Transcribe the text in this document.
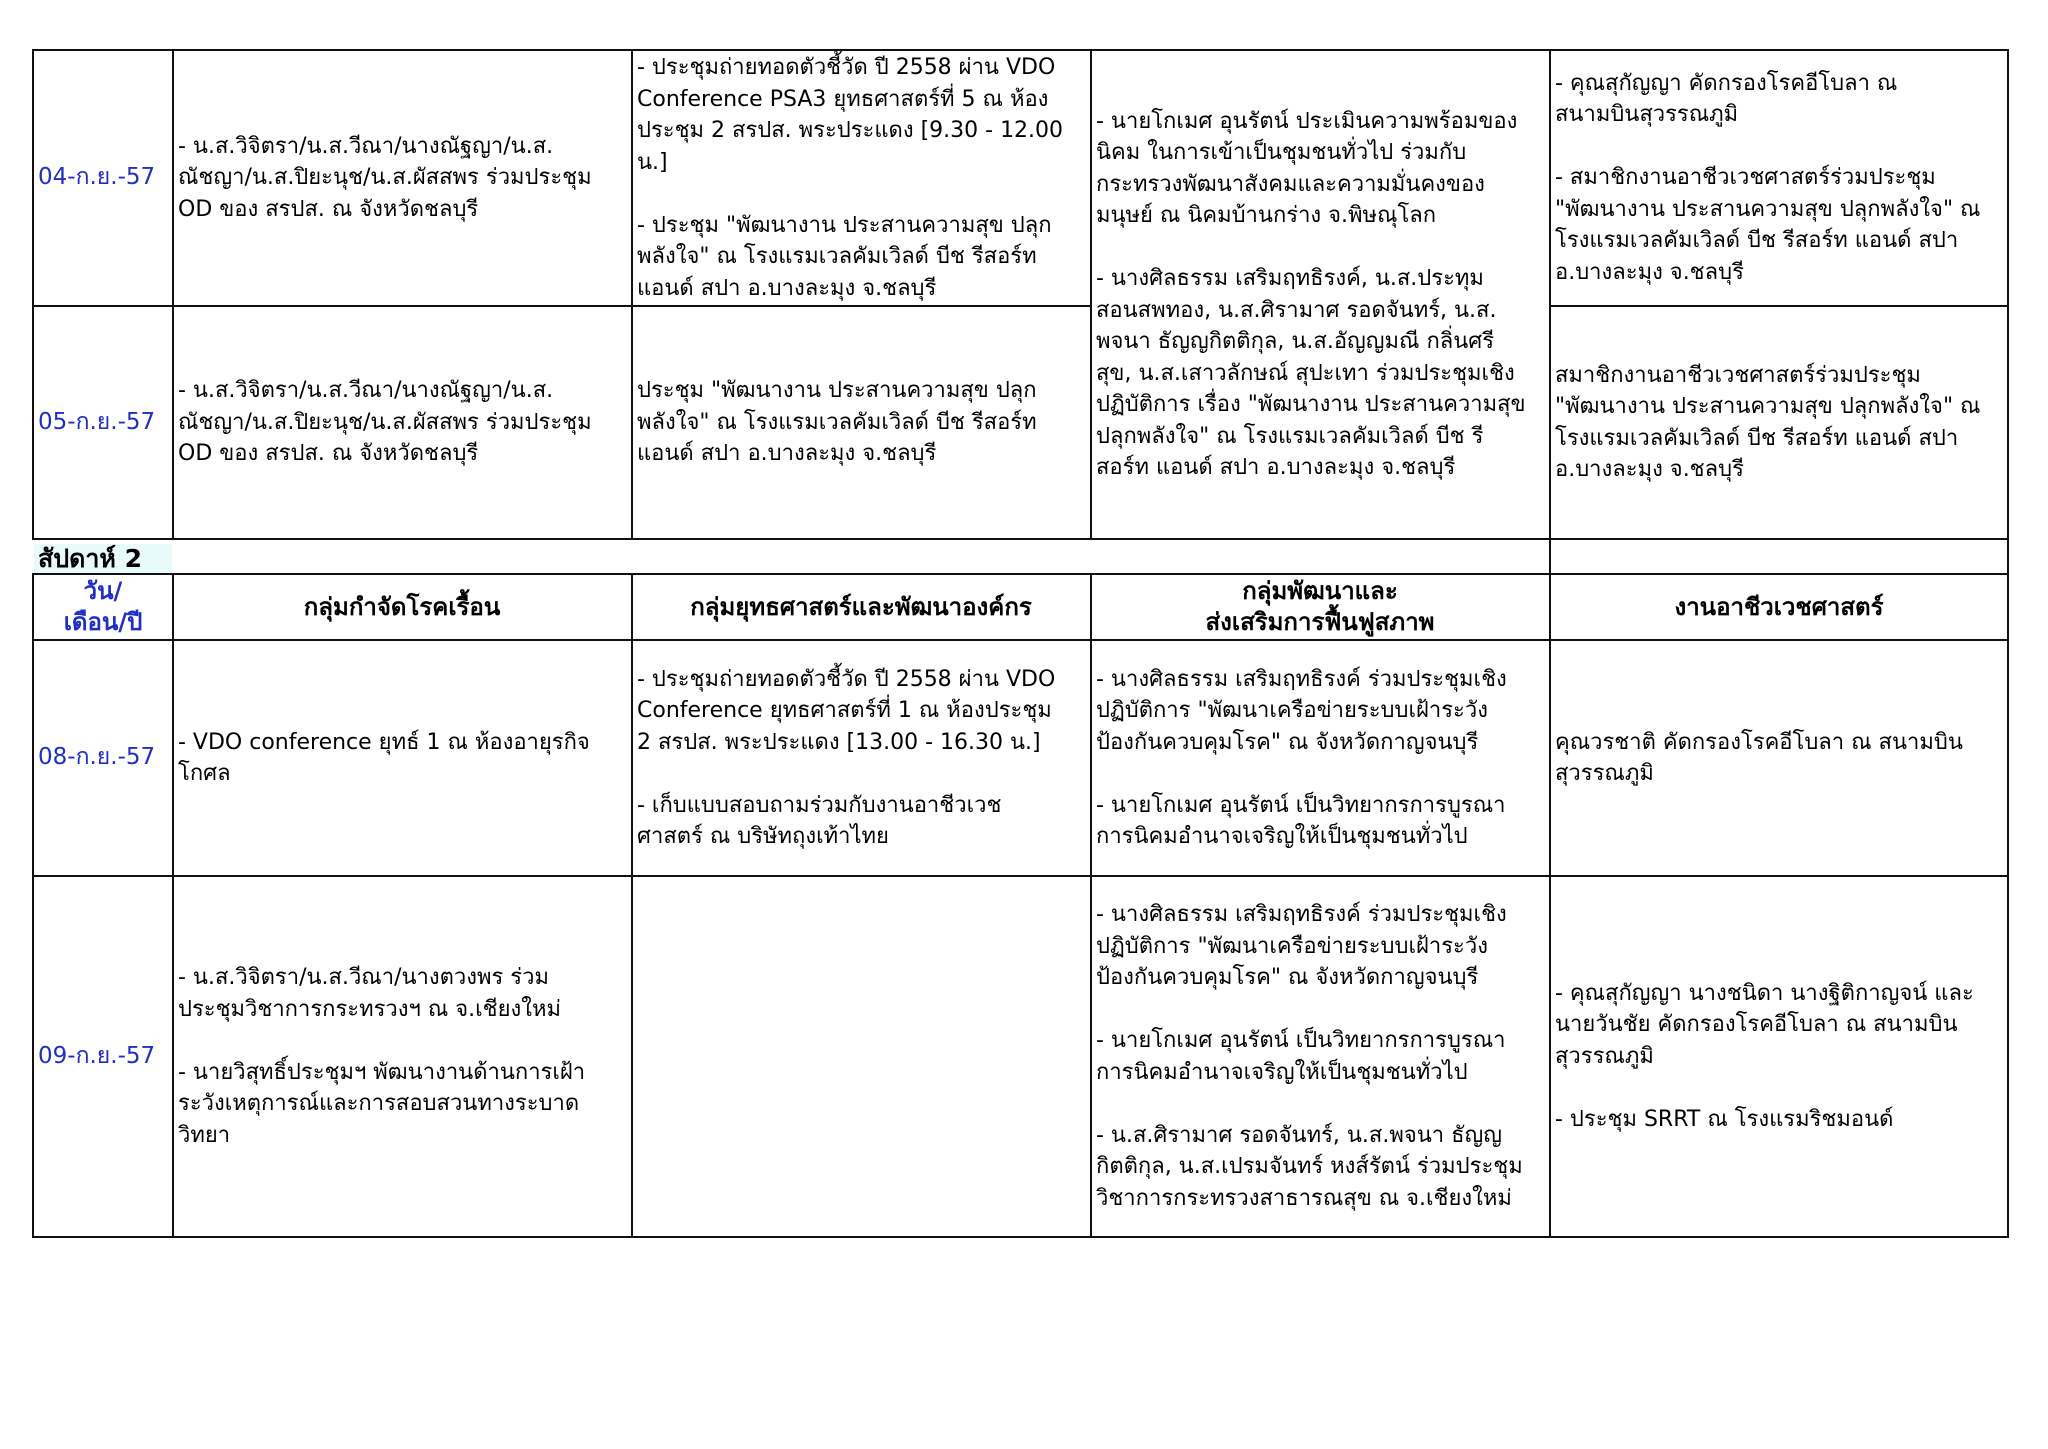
04-ก.ย.-57
- น.ส.วิจิตรา/น.ส.วีณา/นางณัฐญา/น.ส.
ณัชญา/น.ส.ปิยะนุช/น.ส.ผัสสพร ร่วมประชุม
OD ของ สรปส. ณ จังหวัดชลบุรี
- ประชุมถ่ายทอดตัวชี้วัด ปี 2558 ผ่าน VDO
Conference PSA3 ยุทธศาสตร์ที่ 5 ณ ห้อง
ประชุม 2 สรปส. พระประแดง [9.30 - 12.00
น.]

- ประชุม "พัฒนางาน ประสานความสุข ปลุก
พลังใจ" ณ โรงแรมเวลคัมเวิลด์ บีช รีสอร์ท
แอนด์ สปา อ.บางละมุง จ.ชลบุรี
- คุณสุกัญญา คัดกรองโรคอีโบลา ณ
สนามบินสุวรรณภูมิ

- สมาชิกงานอาชีวเวชศาสตร์ร่วมประชุม
"พัฒนางาน ประสานความสุข ปลุกพลังใจ" ณ
โรงแรมเวลคัมเวิลด์ บีช รีสอร์ท แอนด์ สปา
อ.บางละมุง จ.ชลบุรี
- นายโกเมศ อุนรัตน์ ประเมินความพร้อมของ
นิคม ในการเข้าเป็นชุมชนทั่วไป ร่วมกับ
กระทรวงพัฒนาสังคมและความมั่นคงของ
มนุษย์ ณ นิคมบ้านกร่าง จ.พิษณุโลก

- นางศิลธรรม เสริมฤทธิรงค์, น.ส.ประทุม
สอนสพทอง, น.ส.ศิรามาศ รอดจันทร์, น.ส.
พจนา ธัญญกิตติกุล, น.ส.อัญญมณี กลิ่นศรี
สุข, น.ส.เสาวลักษณ์ สุปะเทา ร่วมประชุมเชิง
ปฏิบัติการ เรื่อง "พัฒนางาน ประสานความสุข
ปลุกพลังใจ" ณ โรงแรมเวลคัมเวิลด์ บีช รี
สอร์ท แอนด์ สปา อ.บางละมุง จ.ชลบุรี
05-ก.ย.-57
- น.ส.วิจิตรา/น.ส.วีณา/นางณัฐญา/น.ส.
ณัชญา/น.ส.ปิยะนุช/น.ส.ผัสสพร ร่วมประชุม
OD ของ สรปส. ณ จังหวัดชลบุรี
ประชุม "พัฒนางาน ประสานความสุข ปลุก
พลังใจ" ณ โรงแรมเวลคัมเวิลด์ บีช รีสอร์ท
แอนด์ สปา อ.บางละมุง จ.ชลบุรี
สมาชิกงานอาชีวเวชศาสตร์ร่วมประชุม
"พัฒนางาน ประสานความสุข ปลุกพลังใจ" ณ
โรงแรมเวลคัมเวิลด์ บีช รีสอร์ท แอนด์ สปา
อ.บางละมุง จ.ชลบุรี
สัปดาห์ 2
วัน/
เดือน/ปี
กลุ่มกำจัดโรคเรื้อน	กลุ่มยุทธศาสตร์และพัฒนาองค์กร
กลุ่มพัฒนาและ
ส่งเสริมการฟื้นฟูสภาพ
งานอาชีวเวชศาสตร์
08-ก.ย.-57
- VDO conference ยุทธ์ 1 ณ ห้องอายุรกิจ
โกศล
- ประชุมถ่ายทอดตัวชี้วัด ปี 2558 ผ่าน VDO
Conference ยุทธศาสตร์ที่ 1 ณ ห้องประชุม
2 สรปส. พระประแดง [13.00 - 16.30 น.]

- เก็บแบบสอบถามร่วมกับงานอาชีวเวช
ศาสตร์ ณ บริษัทถุงเท้าไทย
- นางศิลธรรม เสริมฤทธิรงค์ ร่วมประชุมเชิง
ปฏิบัติการ "พัฒนาเครือข่ายระบบเฝ้าระวัง
ป้องกันควบคุมโรค" ณ จังหวัดกาญจนบุรี

- นายโกเมศ อุนรัตน์ เป็นวิทยากรการบูรณา
การนิคมอำนาจเจริญให้เป็นชุมชนทั่วไป
คุณวรชาติ คัดกรองโรคอีโบลา ณ สนามบิน
สุวรรณภูมิ
09-ก.ย.-57
- น.ส.วิจิตรา/น.ส.วีณา/นางตวงพร ร่วม
ประชุมวิชาการกระทรวงฯ ณ จ.เชียงใหม่

- นายวิสุทธิ์ประชุมฯ พัฒนางานด้านการเฝ้า
ระวังเหตุการณ์และการสอบสวนทางระบาด
วิทยา
- นางศิลธรรม เสริมฤทธิรงค์ ร่วมประชุมเชิง
ปฏิบัติการ "พัฒนาเครือข่ายระบบเฝ้าระวัง
ป้องกันควบคุมโรค" ณ จังหวัดกาญจนบุรี

- นายโกเมศ อุนรัตน์ เป็นวิทยากรการบูรณา
การนิคมอำนาจเจริญให้เป็นชุมชนทั่วไป

- น.ส.ศิรามาศ รอดจันทร์, น.ส.พจนา ธัญญ
กิตติกุล, น.ส.เปรมจันทร์ หงส์รัตน์ ร่วมประชุม
วิชาการกระทรวงสาธารณสุข ณ จ.เชียงใหม่
- คุณสุกัญญา นางชนิดา นางฐิติกาญจน์ และ
นายวันชัย คัดกรองโรคอีโบลา ณ สนามบิน
สุวรรณภูมิ

- ประชุม SRRT ณ โรงแรมริชมอนด์
